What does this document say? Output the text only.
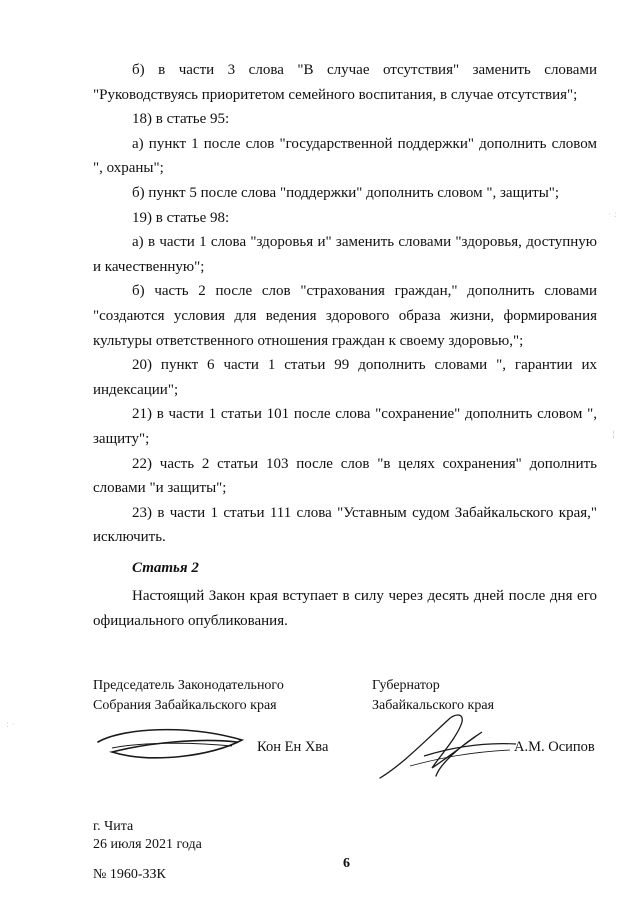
б) в части 3 слова "В случае отсутствия" заменить словами "Руководствуясь приоритетом семейного воспитания, в случае отсутствия";

18) в статье 95:

а) пункт 1 после слов "государственной поддержки" дополнить словом ", охраны";

б) пункт 5 после слова "поддержки" дополнить словом ", защиты";

19) в статье 98:

а) в части 1 слова "здоровья и" заменить словами "здоровья, доступную и качественную";

б) часть 2 после слов "страхования граждан," дополнить словами "создаются условия для ведения здорового образа жизни, формирования культуры ответственного отношения граждан к своему здоровью,";

20) пункт 6 части 1 статьи 99 дополнить словами ", гарантии их индексации";

21) в части 1 статьи 101 после слова "сохранение" дополнить словом ", защиту";

22) часть 2 статьи 103 после слов "в целях сохранения" дополнить словами "и защиты";

23) в части 1 статьи 111 слова "Уставным судом Забайкальского края," исключить.

Статья 2

Настоящий Закон края вступает в силу через десять дней после дня его официального опубликования.

Председатель Законодательного
Собрания Забайкальского края
Кон Ен Хва
Губернатор
Забайкальского края
А.М. Осипов
г. Чита
26 июля 2021 года
6
№ 1960-ЗЗК
· :
¦
: ·
